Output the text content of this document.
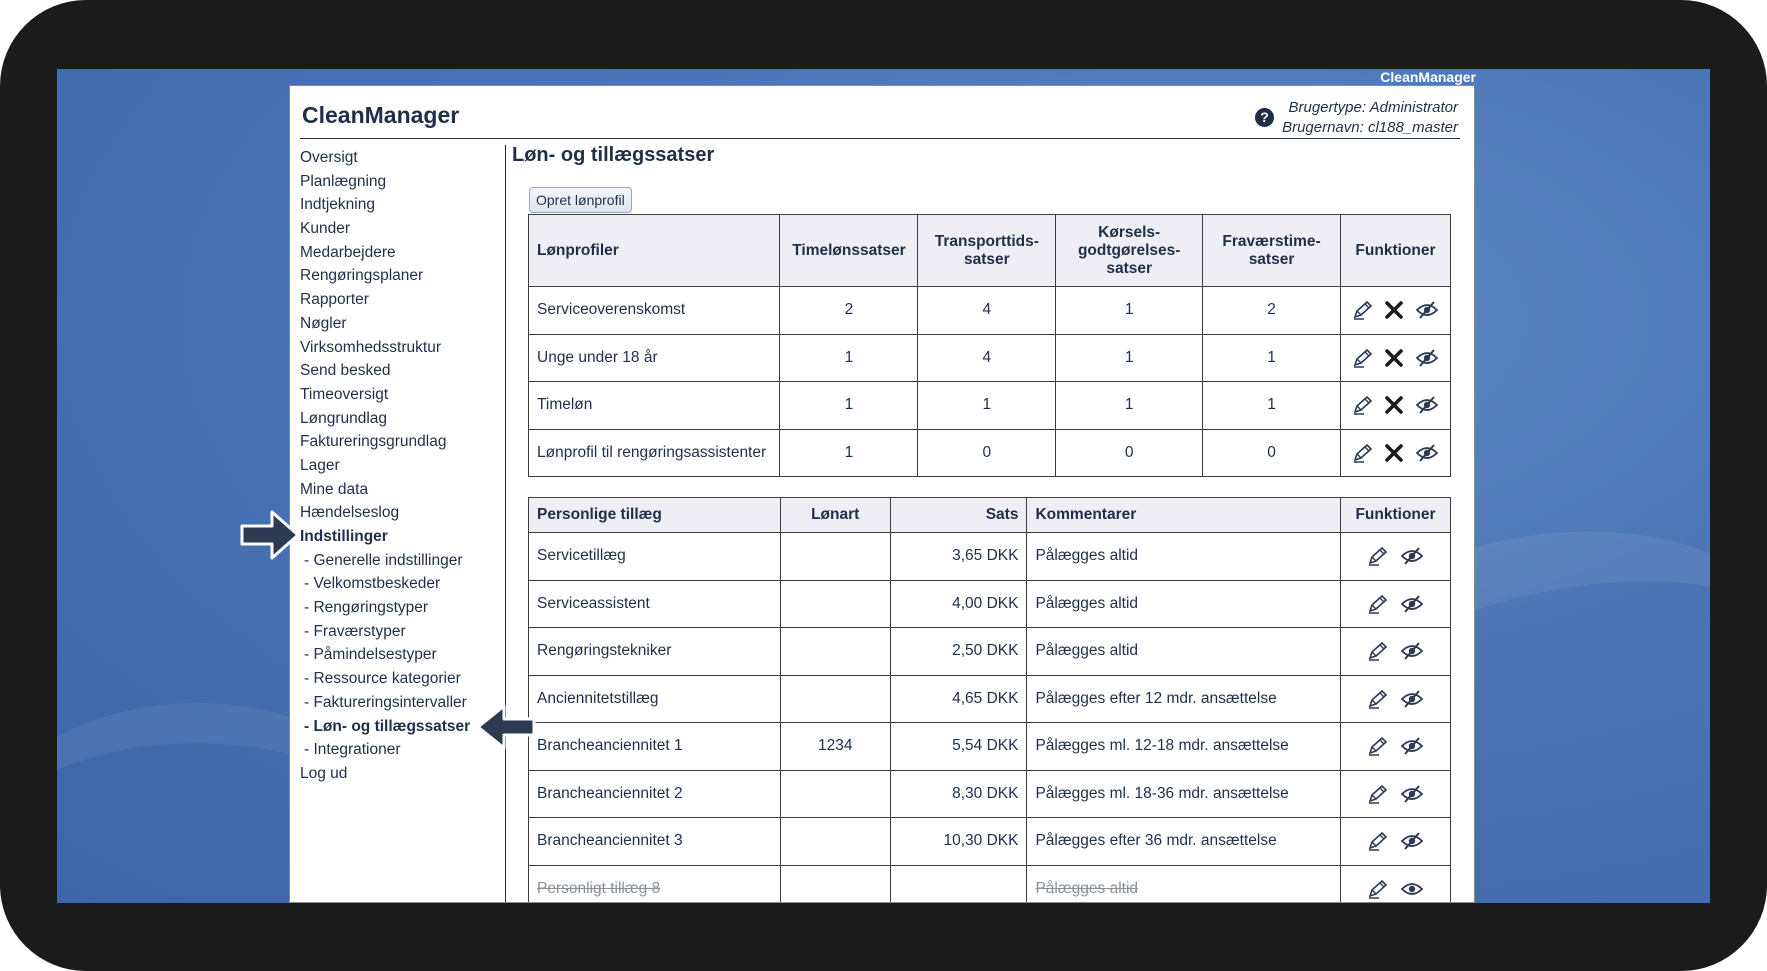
CleanManager
CleanManager	?
Brugertype: Administrator
Brugernavn: cl188_master
Oversigt
Planlægning
Indtjekning
Kunder
Medarbejdere
Rengøringsplaner
Rapporter
Nøgler
Virksomhedsstruktur
Send besked
Timeoversigt
Løngrundlag
Faktureringsgrundlag
Lager
Mine data
Hændelseslog
Indstillinger
- Generelle indstillinger
- Velkomstbeskeder
- Rengøringstyper
- Fraværstyper
- Påmindelsestyper
- Ressource kategorier
- Faktureringsintervaller
- Løn- og tillægssatser
- Integrationer
Log ud
Løn- og tillægssatser
Opret lønprofil
Lønprofiler	Timelønssatser	Transporttids-satser	Kørsels-godtgørelses-satser	Fraværstime-satser	Funktioner
Serviceoverenskomst	2	4	1	2	
Unge under 18 år	1	4	1	1	
Timeløn	1	1	1	1	
Lønprofil til rengøringsassistenter	1	0	0	0	
Personlige tillæg	Lønart	Sats	Kommentarer	Funktioner
Servicetillæg		3,65 DKK	Pålægges altid	
Serviceassistent		4,00 DKK	Pålægges altid	
Rengøringstekniker		2,50 DKK	Pålægges altid	
Anciennitetstillæg		4,65 DKK	Pålægges efter 12 mdr. ansættelse	
Brancheanciennitet 1	1234	5,54 DKK	Pålægges ml. 12-18 mdr. ansættelse	
Brancheanciennitet 2		8,30 DKK	Pålægges ml. 18-36 mdr. ansættelse	
Brancheanciennitet 3		10,30 DKK	Pålægges efter 36 mdr. ansættelse	
Personligt tillæg 8			Pålægges altid	
